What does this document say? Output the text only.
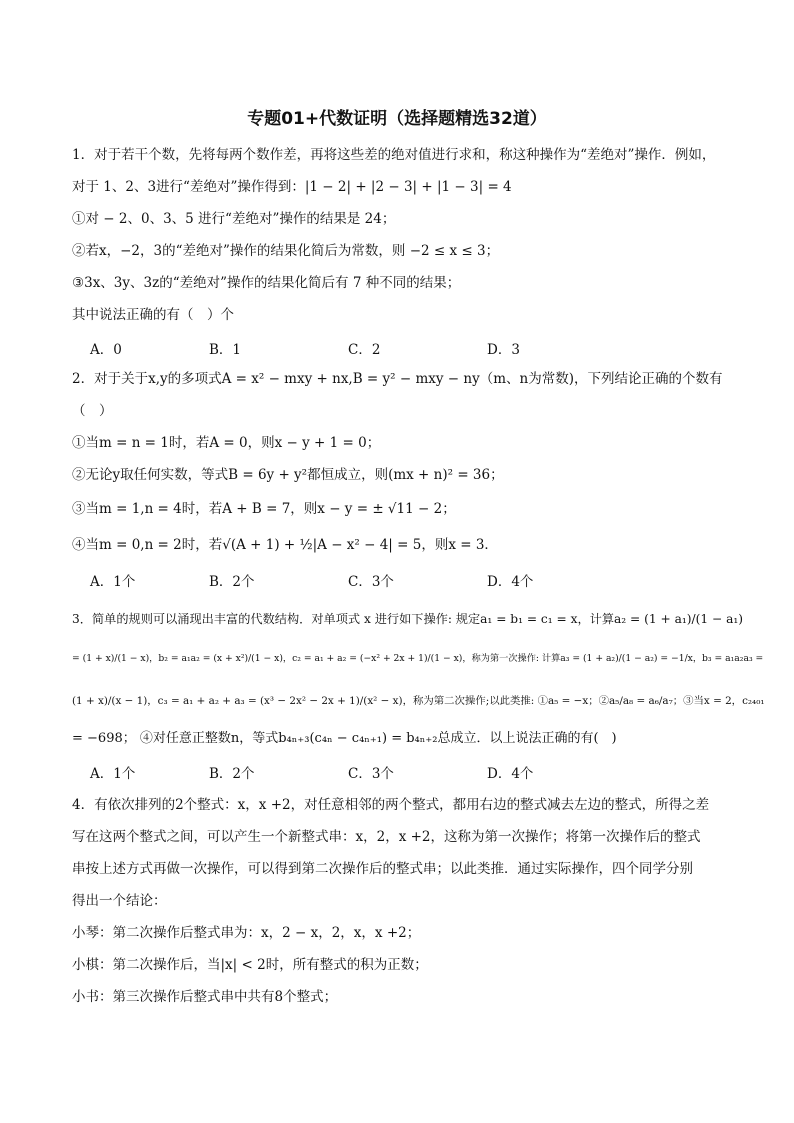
专题01+代数证明（选择题精选32道）
1．对于若干个数，先将每两个数作差，再将这些差的绝对值进行求和，称这种操作为“差绝对”操作．例如，
对于 1、2、3进行“差绝对”操作得到：|1 − 2| + |2 − 3| + |1 − 3| = 4
①对 − 2、0、3、5 进行“差绝对”操作的结果是 24；
②若x，−2，3的“差绝对”操作的结果化简后为常数，则 −2 ≤ x ≤ 3；
③3x、3y、3z的“差绝对”操作的结果化简后有 7 种不同的结果；
其中说法正确的有（　）个
A．0	B．1	C．2	D．3
2．对于关于x,y的多项式A = x² − mxy + nx,B = y² − mxy − ny（m、n为常数)，下列结论正确的个数有
（　）
①当m = n = 1时，若A = 0，则x − y + 1 = 0；
②无论y取任何实数，等式B = 6y + y²都恒成立，则(mx + n)² = 36；
③当m = 1,n = 4时，若A + B = 7，则x − y = ± √11 − 2；
④当m = 0,n = 2时，若√(A + 1) + ½|A − x² − 4| = 5，则x = 3．
A．1个	B．2个	C．3个	D．4个
3．简单的规则可以涌现出丰富的代数结构．对单项式 x 进行如下操作: 规定a₁ = b₁ = c₁ = x，计算a₂ = (1 + a₁)/(1 − a₁)
= (1 + x)/(1 − x)，b₂ = a₁a₂ = (x + x²)/(1 − x)，c₂ = a₁ + a₂ = (−x² + 2x + 1)/(1 − x)，称为第一次操作: 计算a₃ = (1 + a₂)/(1 − a₂) = −1/x，b₃ = a₁a₂a₃ =
(1 + x)/(x − 1)，c₃ = a₁ + a₂ + a₃ = (x³ − 2x² − 2x + 1)/(x² − x)，称为第二次操作;以此类推: ①a₅ = −x；②a₅/a₈ = a₆/a₇；③当x = 2，c₂₄₀₁
= −698； ④对任意正整数n，等式b₄ₙ₊₃(c₄ₙ − c₄ₙ₊₁) = b₄ₙ₊₂总成立．以上说法正确的有(　)
A．1个	B．2个	C．3个	D．4个
4．有依次排列的2个整式：x，x +2，对任意相邻的两个整式，都用右边的整式减去左边的整式，所得之差
写在这两个整式之间，可以产生一个新整式串：x，2，x +2，这称为第一次操作；将第一次操作后的整式
串按上述方式再做一次操作，可以得到第二次操作后的整式串；以此类推．通过实际操作，四个同学分别
得出一个结论：
小琴：第二次操作后整式串为：x，2 − x，2，x，x +2；
小棋：第二次操作后，当|x| < 2时，所有整式的积为正数；
小书：第三次操作后整式串中共有8个整式；
